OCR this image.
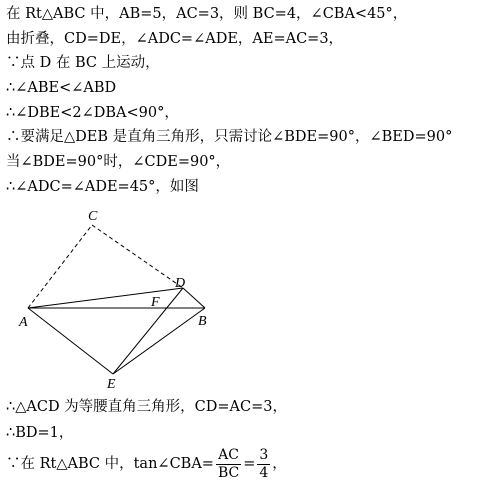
在 Rt△ABC 中，AB=5，AC=3，则 BC=4，∠CBA<45°，
由折叠，CD=DE，∠ADC=∠ADE，AE=AC=3，
∵点 D 在 BC 上运动，
∴∠ABE<∠ABD
∴∠DBE<2∠DBA<90°，
∴要满足△DEB 是直角三角形，只需讨论∠BDE=90°，∠BED=90°
当∠BDE=90°时，∠CDE=90°，
∴∠ADC=∠ADE=45°，如图
C
D
F
A	B
E
∴△ACD 为等腰直角三角形，CD=AC=3，
∴BD=1，
∵在 Rt△ABC 中，tan∠CBA= $\frac{AC}{BC} = \frac{3}{4}$ ，
